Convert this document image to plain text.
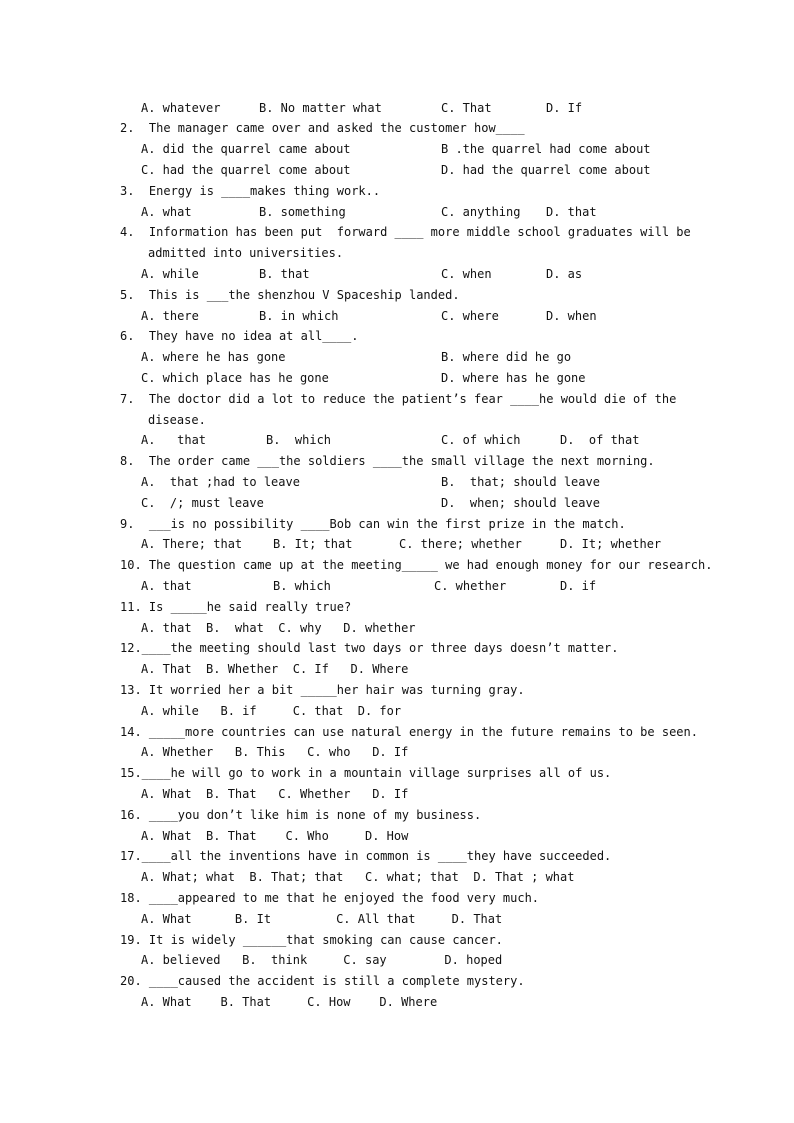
A. whatever	B. No matter what	C. That	D. If
2.  The manager came over and asked the customer how____
A. did the quarrel came about	B .the quarrel had come about
C. had the quarrel come about	D. had the quarrel come about
3.  Energy is ____makes thing work..
A. what	B. something	C. anything D. that
4.  Information has been put  forward ____ more middle school graduates will be
admitted into universities.
A. while	B. that	C. when	D. as
5.  This is ___the shenzhou V Spaceship landed.
A. there	B. in which	C. where	D. when
6.  They have no idea at all____.
A. where he has gone	B. where did he go
C. which place has he gone	D. where has he gone
7.  The doctor did a lot to reduce the patient’s fear ____he would die of the
disease.
A.   that	B.  which	C. of which	D.  of that
8.  The order came ___the soldiers ____the small village the next morning.
A.  that ;had to leave	B.  that; should leave
C.  /; must leave	D.  when; should leave
9.  ___is no possibility ____Bob can win the first prize in the match.
A. There; that	B. It; that	C. there; whether	D. It; whether
10. The question came up at the meeting_____ we had enough money for our research.
A. that	B. which	C. whether	D. if
11. Is _____he said really true?
A. that  B.  what  C. why   D. whether
12.____the meeting should last two days or three days doesn’t matter.
A. That  B. Whether  C. If   D. Where
13. It worried her a bit _____her hair was turning gray.
A. while   B. if     C. that  D. for
14. _____more countries can use natural energy in the future remains to be seen.
A. Whether   B. This   C. who   D. If
15.____he will go to work in a mountain village surprises all of us.
A. What  B. That   C. Whether   D. If
16. ____you don’t like him is none of my business.
A. What  B. That    C. Who     D. How
17.____all the inventions have in common is ____they have succeeded.
A. What; what  B. That; that   C. what; that  D. That ; what
18. ____appeared to me that he enjoyed the food very much.
A. What      B. It         C. All that     D. That
19. It is widely ______that smoking can cause cancer.
A. believed   B.  think     C. say        D. hoped
20. ____caused the accident is still a complete mystery.
A. What    B. That     C. How    D. Where
